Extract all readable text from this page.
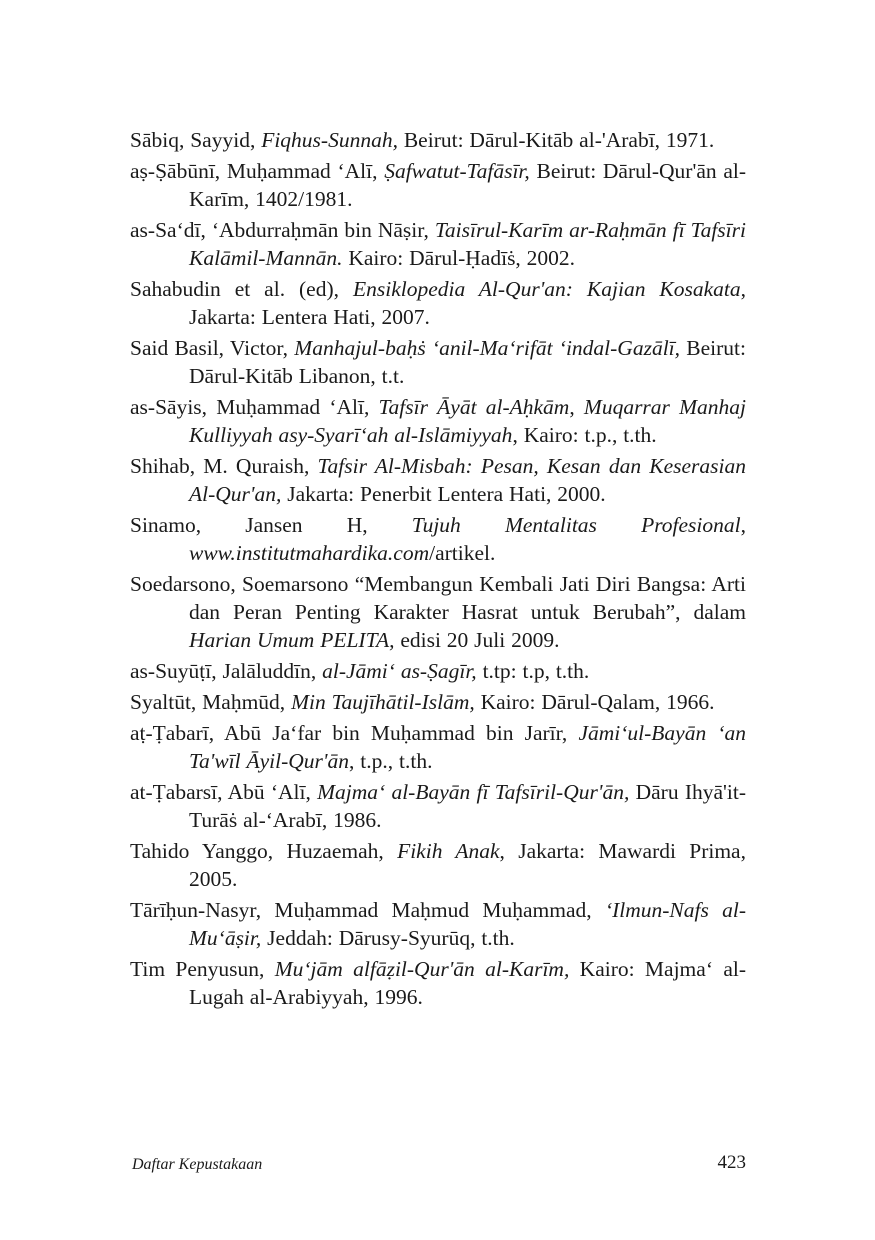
Sābiq, Sayyid, Fiqhus-Sunnah, Beirut: Dārul-Kitāb al-'Arabī, 1971.
aṣ-Ṣābūnī, Muḥammad ‘Alī, Ṣafwatut-Tafāsīr, Beirut: Dārul-Qur'ān al-Karīm, 1402/1981.
as-Sa‘dī, ‘Abdurraḥmān bin Nāṣir, Taisīrul-Karīm ar-Raḥmān fī Tafsīri Kalāmil-Mannān. Kairo: Dārul-Ḥadīṡ, 2002.
Sahabudin et al. (ed), Ensiklopedia Al-Qur'an: Kajian Kosakata, Jakarta: Lentera Hati, 2007.
Said Basil, Victor, Manhajul-baḥṡ ‘anil-Ma‘rifāt ‘indal-Gazālī, Beirut: Dārul-Kitāb Libanon, t.t.
as-Sāyis, Muḥammad ‘Alī, Tafsīr Āyāt al-Aḥkām, Muqarrar Manhaj Kulliyyah asy-Syarī‘ah al-Islāmiyyah, Kairo: t.p., t.th.
Shihab, M. Quraish, Tafsir Al-Misbah: Pesan, Kesan dan Keserasian Al-Qur'an, Jakarta: Penerbit Lentera Hati, 2000.
Sinamo, Jansen H, Tujuh Mentalitas Profesional, www.institutmahardika.com/artikel.
Soedarsono, Soemarsono “Membangun Kembali Jati Diri Bangsa: Arti dan Peran Penting Karakter Hasrat untuk Berubah”, dalam Harian Umum PELITA, edisi 20 Juli 2009.
as-Suyūṭī, Jalāluddīn, al-Jāmi‘ as-Ṣagīr, t.tp: t.p, t.th.
Syaltūt, Maḥmūd, Min Taujīhātil-Islām, Kairo: Dārul-Qalam, 1966.
aṭ-Ṭabarī, Abū Ja‘far bin Muḥammad bin Jarīr, Jāmi‘ul-Bayān ‘an Ta'wīl Āyil-Qur'ān, t.p., t.th.
at-Ṭabarsī, Abū ‘Alī, Majma‘ al-Bayān fī Tafsīril-Qur'ān, Dāru Ihyā'it-Turāṡ al-‘Arabī, 1986.
Tahido Yanggo, Huzaemah, Fikih Anak, Jakarta: Mawardi Prima, 2005.
Tārīḥun-Nasyr, Muḥammad Maḥmud Muḥammad, ‘Ilmun-Nafs al-Mu‘āṣir, Jeddah: Dārusy-Syurūq, t.th.
Tim Penyusun, Mu‘jām alfāẓil-Qur'ān al-Karīm, Kairo: Majma‘ al-Lugah al-Arabiyyah, 1996.
Daftar Kepustakaan	423
